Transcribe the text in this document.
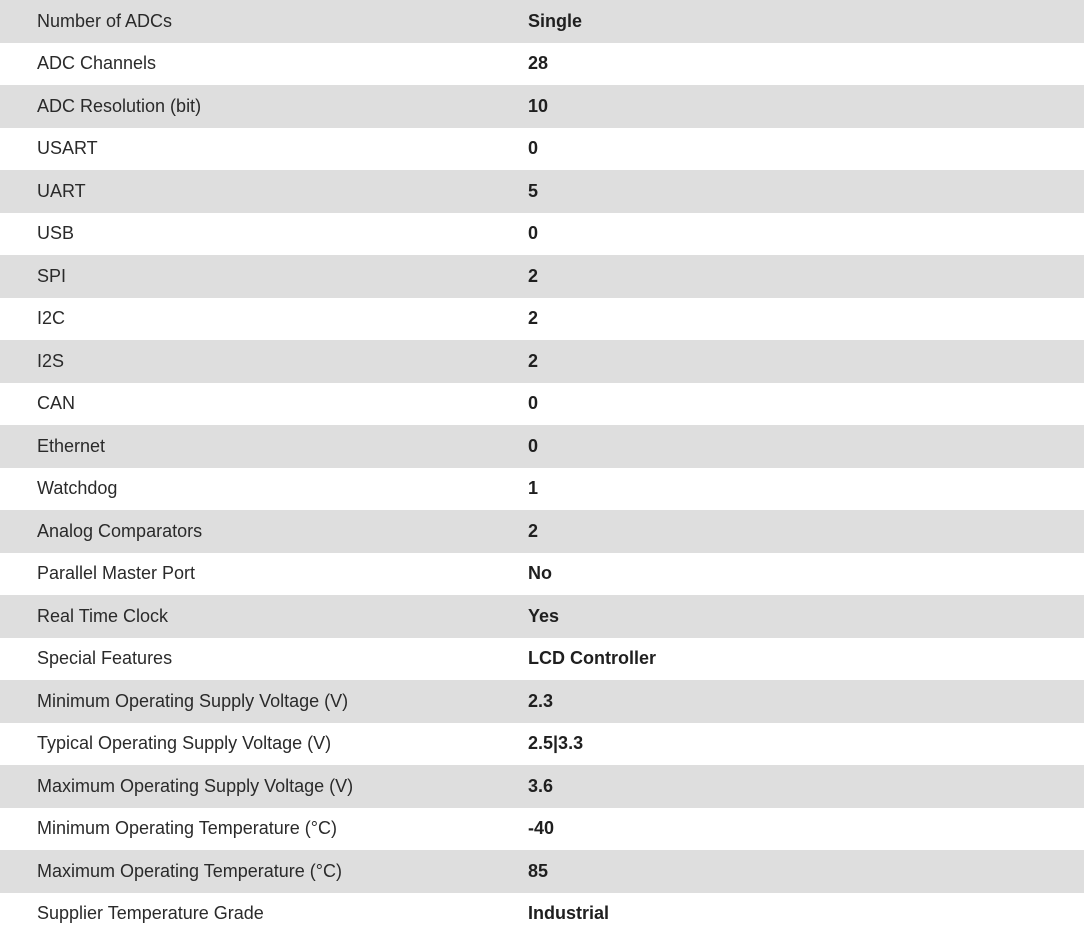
Number of ADCs	Single
ADC Channels	28
ADC Resolution (bit)	10
USART	0
UART	5
USB	0
SPI	2
I2C	2
I2S	2
CAN	0
Ethernet	0
Watchdog	1
Analog Comparators	2
Parallel Master Port	No
Real Time Clock	Yes
Special Features	LCD Controller
Minimum Operating Supply Voltage (V)	2.3
Typical Operating Supply Voltage (V)	2.5|3.3
Maximum Operating Supply Voltage (V)	3.6
Minimum Operating Temperature (°C)	-40
Maximum Operating Temperature (°C)	85
Supplier Temperature Grade	Industrial
